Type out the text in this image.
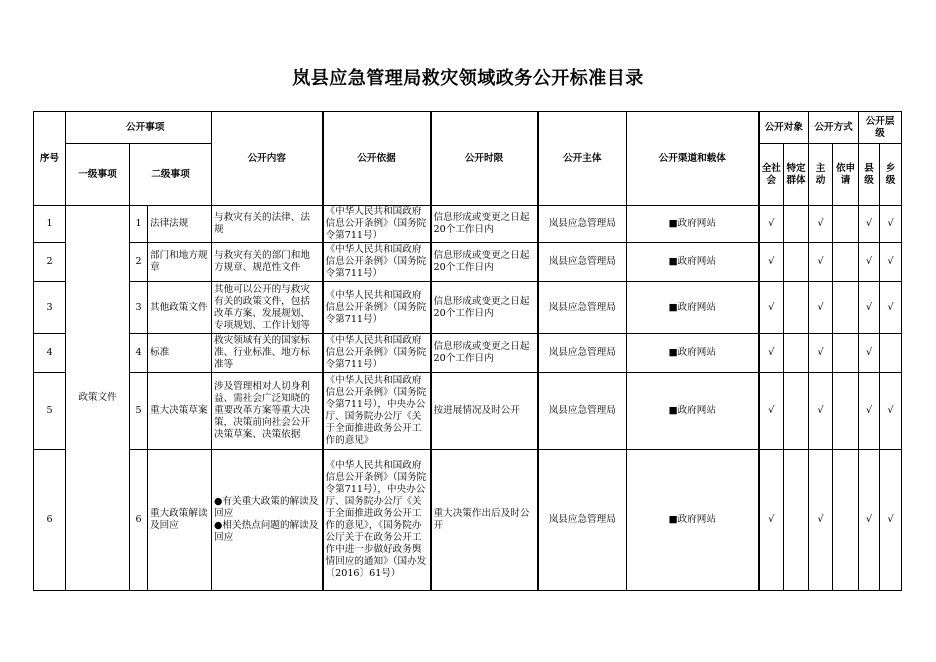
岚县应急管理局救灾领域政务公开标准目录
序号	公开事项			公开内容	公开依据	公开时限	公开主体	公开渠道和载体	公开对象		公开方式		公开层级	
	一级事项	二级事项							全社会	特定群体	主动	依申请	县级	乡级
1	政策文件	1	法律法规	与救灾有关的法律、法规	《中华人民共和国政府信息公开条例》（国务院令第711号）	信息形成或变更之日起20个工作日内	岚县应急管理局	■政府网站	√		√		√	√
2		2	部门和地方规章	与救灾有关的部门和地方规章、规范性文件	《中华人民共和国政府信息公开条例》（国务院令第711号）	信息形成或变更之日起20个工作日内	岚县应急管理局	■政府网站	√		√		√	√
3		3	其他政策文件	其他可以公开的与救灾有关的政策文件，包括改革方案、发展规划、专项规划、工作计划等	《中华人民共和国政府信息公开条例》（国务院令第711号）	信息形成或变更之日起20个工作日内	岚县应急管理局	■政府网站	√		√		√	√
4		4	标准	救灾领域有关的国家标准、行业标准、地方标准等	《中华人民共和国政府信息公开条例》（国务院令第711号）	信息形成或变更之日起20个工作日内	岚县应急管理局	■政府网站	√		√		√	
5		5	重大决策草案	涉及管理相对人切身利益、需社会广泛知晓的重要改革方案等重大决策，决策前向社会公开决策草案、决策依据	《中华人民共和国政府信息公开条例》（国务院令第711号），中央办公厅、国务院办公厅《关于全面推进政务公开工作的意见》	按进展情况及时公开	岚县应急管理局	■政府网站	√		√		√	√
6		6	重大政策解读及回应	●有关重大政策的解读及回应
●相关热点问题的解读及回应	《中华人民共和国政府信息公开条例》（国务院令第711号），中央办公厅、国务院办公厅《关于全面推进政务公开工作的意见》，《国务院办公厅关于在政务公开工作中进一步做好政务舆情回应的通知》（国办发〔2016〕61号）	重大决策作出后及时公开	岚县应急管理局	■政府网站	√		√		√	√
